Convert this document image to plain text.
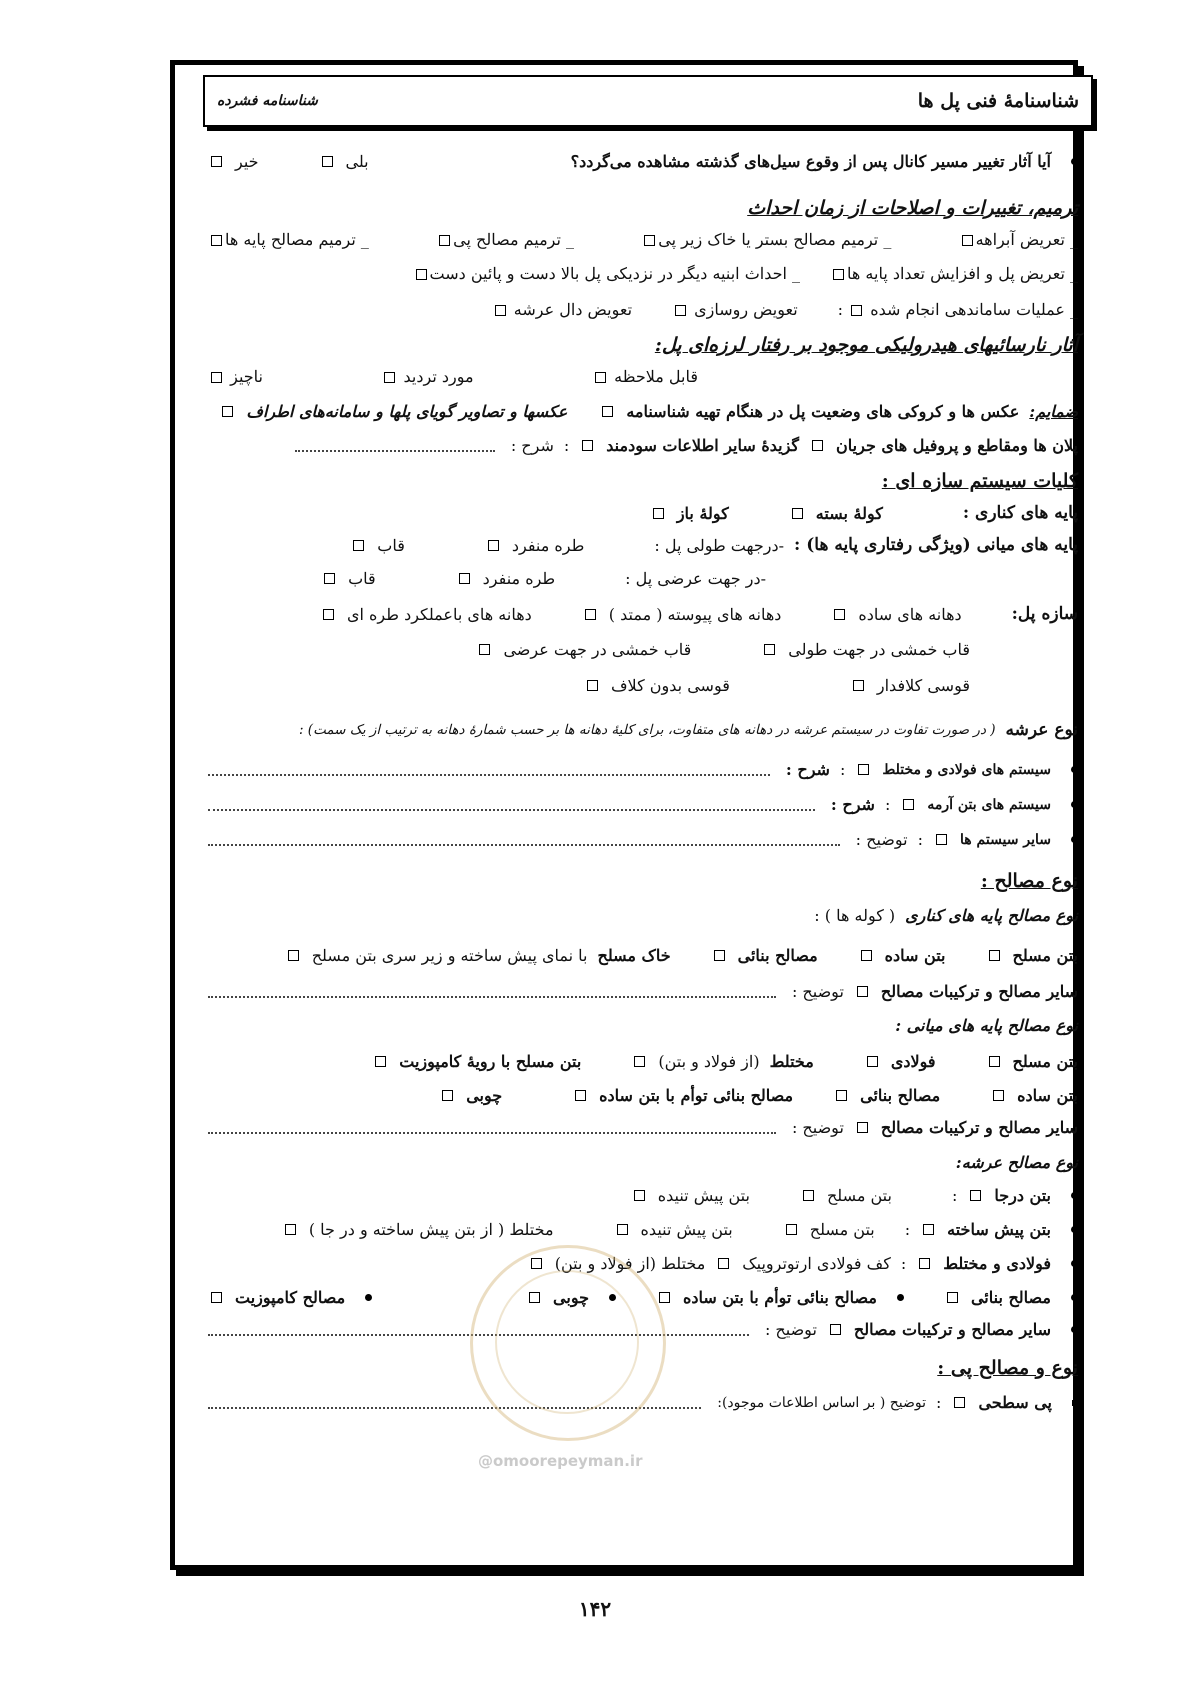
شناسنامۀ فنی پل ها
شناسنامه فشرده
آیا آثار تغییر مسیر کانال پس از وقوع سیل‌های گذشته مشاهده می‌گردد؟
بلی
خیر
ترمیم، تغییرات و اصلاحات از زمان احداث
_ تعریض آبراهه
_ ترمیم مصالح بستر یا خاک زیر پی
_ ترمیم مصالح پی
_ ترمیم مصالح پایه ها
_ تعریض پل و افزایش تعداد پایه ها
_ احداث ابنیه دیگر در نزدیکی پل بالا دست و پائین دست
_ عملیات ساماندهی انجام شده  :
تعویض روسازی
تعویض دال عرشه
آثار نارسائیهای هیدرولیکی موجود بر رفتار لرزه‌ای پل:
قابل ملاحظه
مورد تردید
ناچیز
ضمایم:
عکس ها و کروکی های وضعیت پل در هنگام تهیه شناسنامه
عکسها و تصاویر گویای پلها و سامانه‌های اطراف
پلان ها ومقاطع و پروفیل های جریان
گزیدۀ سایر اطلاعات سودمند
:
شرح :
کلیات سیستم سازه ای :
پایه های کناری :
کولۀ بسته
کولۀ باز
پایه های میانی (ویژگی رفتاری پایه ها) :
-درجهت طولی پل :
طره منفرد
قاب
-در جهت عرضی پل :
طره منفرد
قاب
سازه پل:
دهانه های ساده
دهانه های پیوسته ( ممتد )
دهانه های باعملکرد طره ای
قاب خمشی در جهت طولی
قاب خمشی در جهت عرضی
قوسی کلافدار
قوسی بدون کلاف
نوع عرشه
( در صورت تفاوت در سیستم عرشه در دهانه های متفاوت، برای کلیۀ دهانه ها بر حسب شمارۀ دهانه به ترتیب از یک سمت) :
سیستم های فولادی و مختلط
:
شرح :
سیستم های بتن آرمه
:
شرح :
سایر سیستم ها
:
توضیح :
نوع مصالح :
نوع مصالح پایه های کناری
( کوله ها ) :
بتن مسلح
بتن ساده
مصالح بنائی
خاک مسلح
با نمای پیش ساخته و زیر سری بتن مسلح
سایر مصالح و ترکیبات مصالح
توضیح :
نوع مصالح پایه های میانی :
بتن مسلح
فولادی
مختلط
(از فولاد و بتن)
بتن مسلح با رویۀ کامپوزیت
بتن ساده
مصالح بنائی
مصالح بنائی توأم با بتن ساده
چوبی
سایر مصالح و ترکیبات مصالح
توضیح :
نوع مصالح عرشه:
بتن درجا
:
بتن مسلح
بتن پیش تنیده
بتن پیش ساخته
:
بتن مسلح
بتن پیش تنیده
مختلط ( از بتن پیش ساخته و در جا )
فولادی و مختلط
:
کف فولادی ارتوتروپیک
مختلط (از فولاد و بتن)
مصالح بنائی
مصالح بنائی توأم با بتن ساده
چوبی
مصالح کامپوزیت
سایر مصالح و ترکیبات مصالح
توضیح :
نوع و مصالح پی :
پی سطحی
:
توضیح ( بر اساس اطلاعات موجود):
@omoorepeyman.ir
۱۴۲
